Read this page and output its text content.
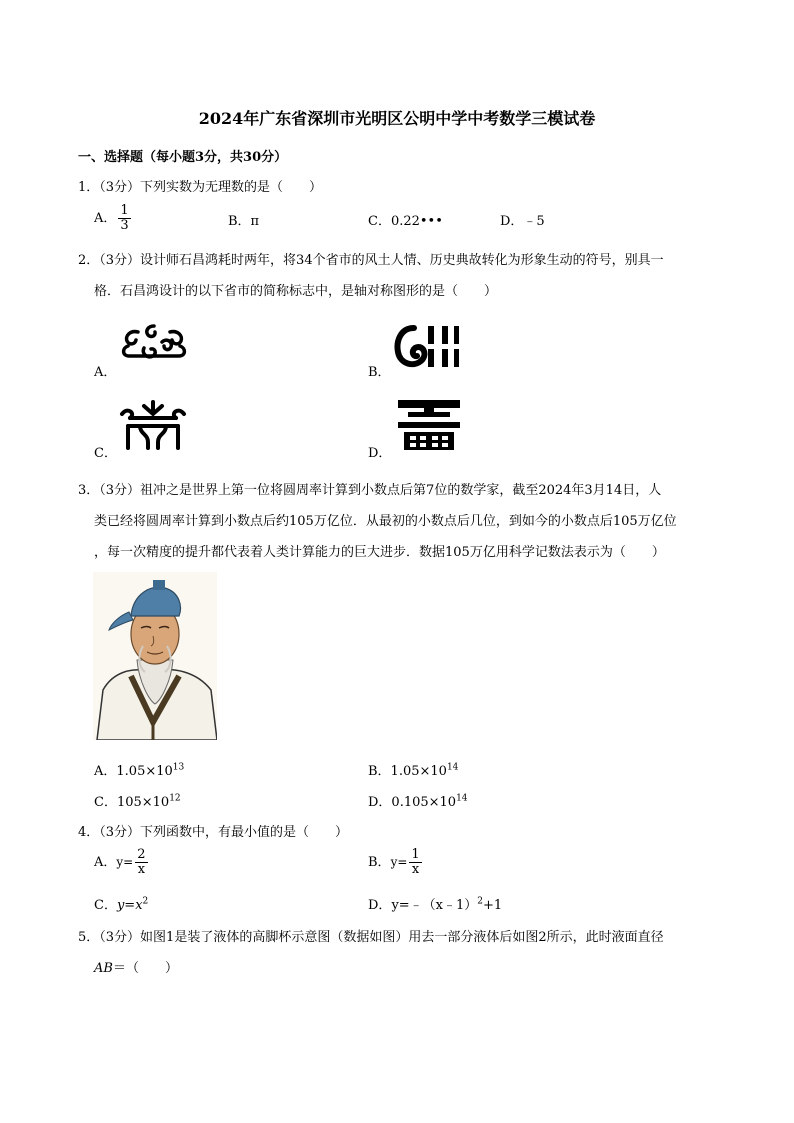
2024年广东省深圳市光明区公明中学中考数学三模试卷
一、选择题（每小题3分，共30分）
1．（3分）下列实数为无理数的是（　　）
A． $\frac{1}{3}$	B．π	C．0.22•••	D．﹣5
2．（3分）设计师石昌鸿耗时两年，将34个省市的风土人情、历史典故转化为形象生动的符号，别具一
格．石昌鸿设计的以下省市的简称标志中，是轴对称图形的是（　　）
A．	B．
C．	D．
3．（3分）祖冲之是世界上第一位将圆周率计算到小数点后第7位的数学家，截至2024年3月14日，人
类已经将圆周率计算到小数点后约105万亿位．从最初的小数点后几位，到如今的小数点后105万亿位
，每一次精度的提升都代表着人类计算能力的巨大进步．数据105万亿用科学记数法表示为（　　）
A．$1.05\times 10^{13}$	B．$1.05\times 10^{14}$
C．$105\times 10^{12}$	D．$0.105\times 10^{14}$
4．（3分）下列函数中，有最小值的是（　　）
A．$y= \frac{2}{x}$	B．$y= \frac{1}{x}$
C．$y=x^2$	D．y=﹣（x﹣1）$^2$+1
5．（3分）如图1是装了液体的高脚杯示意图（数据如图）用去一部分液体后如图2所示，此时液面直径
AB＝（　　）
